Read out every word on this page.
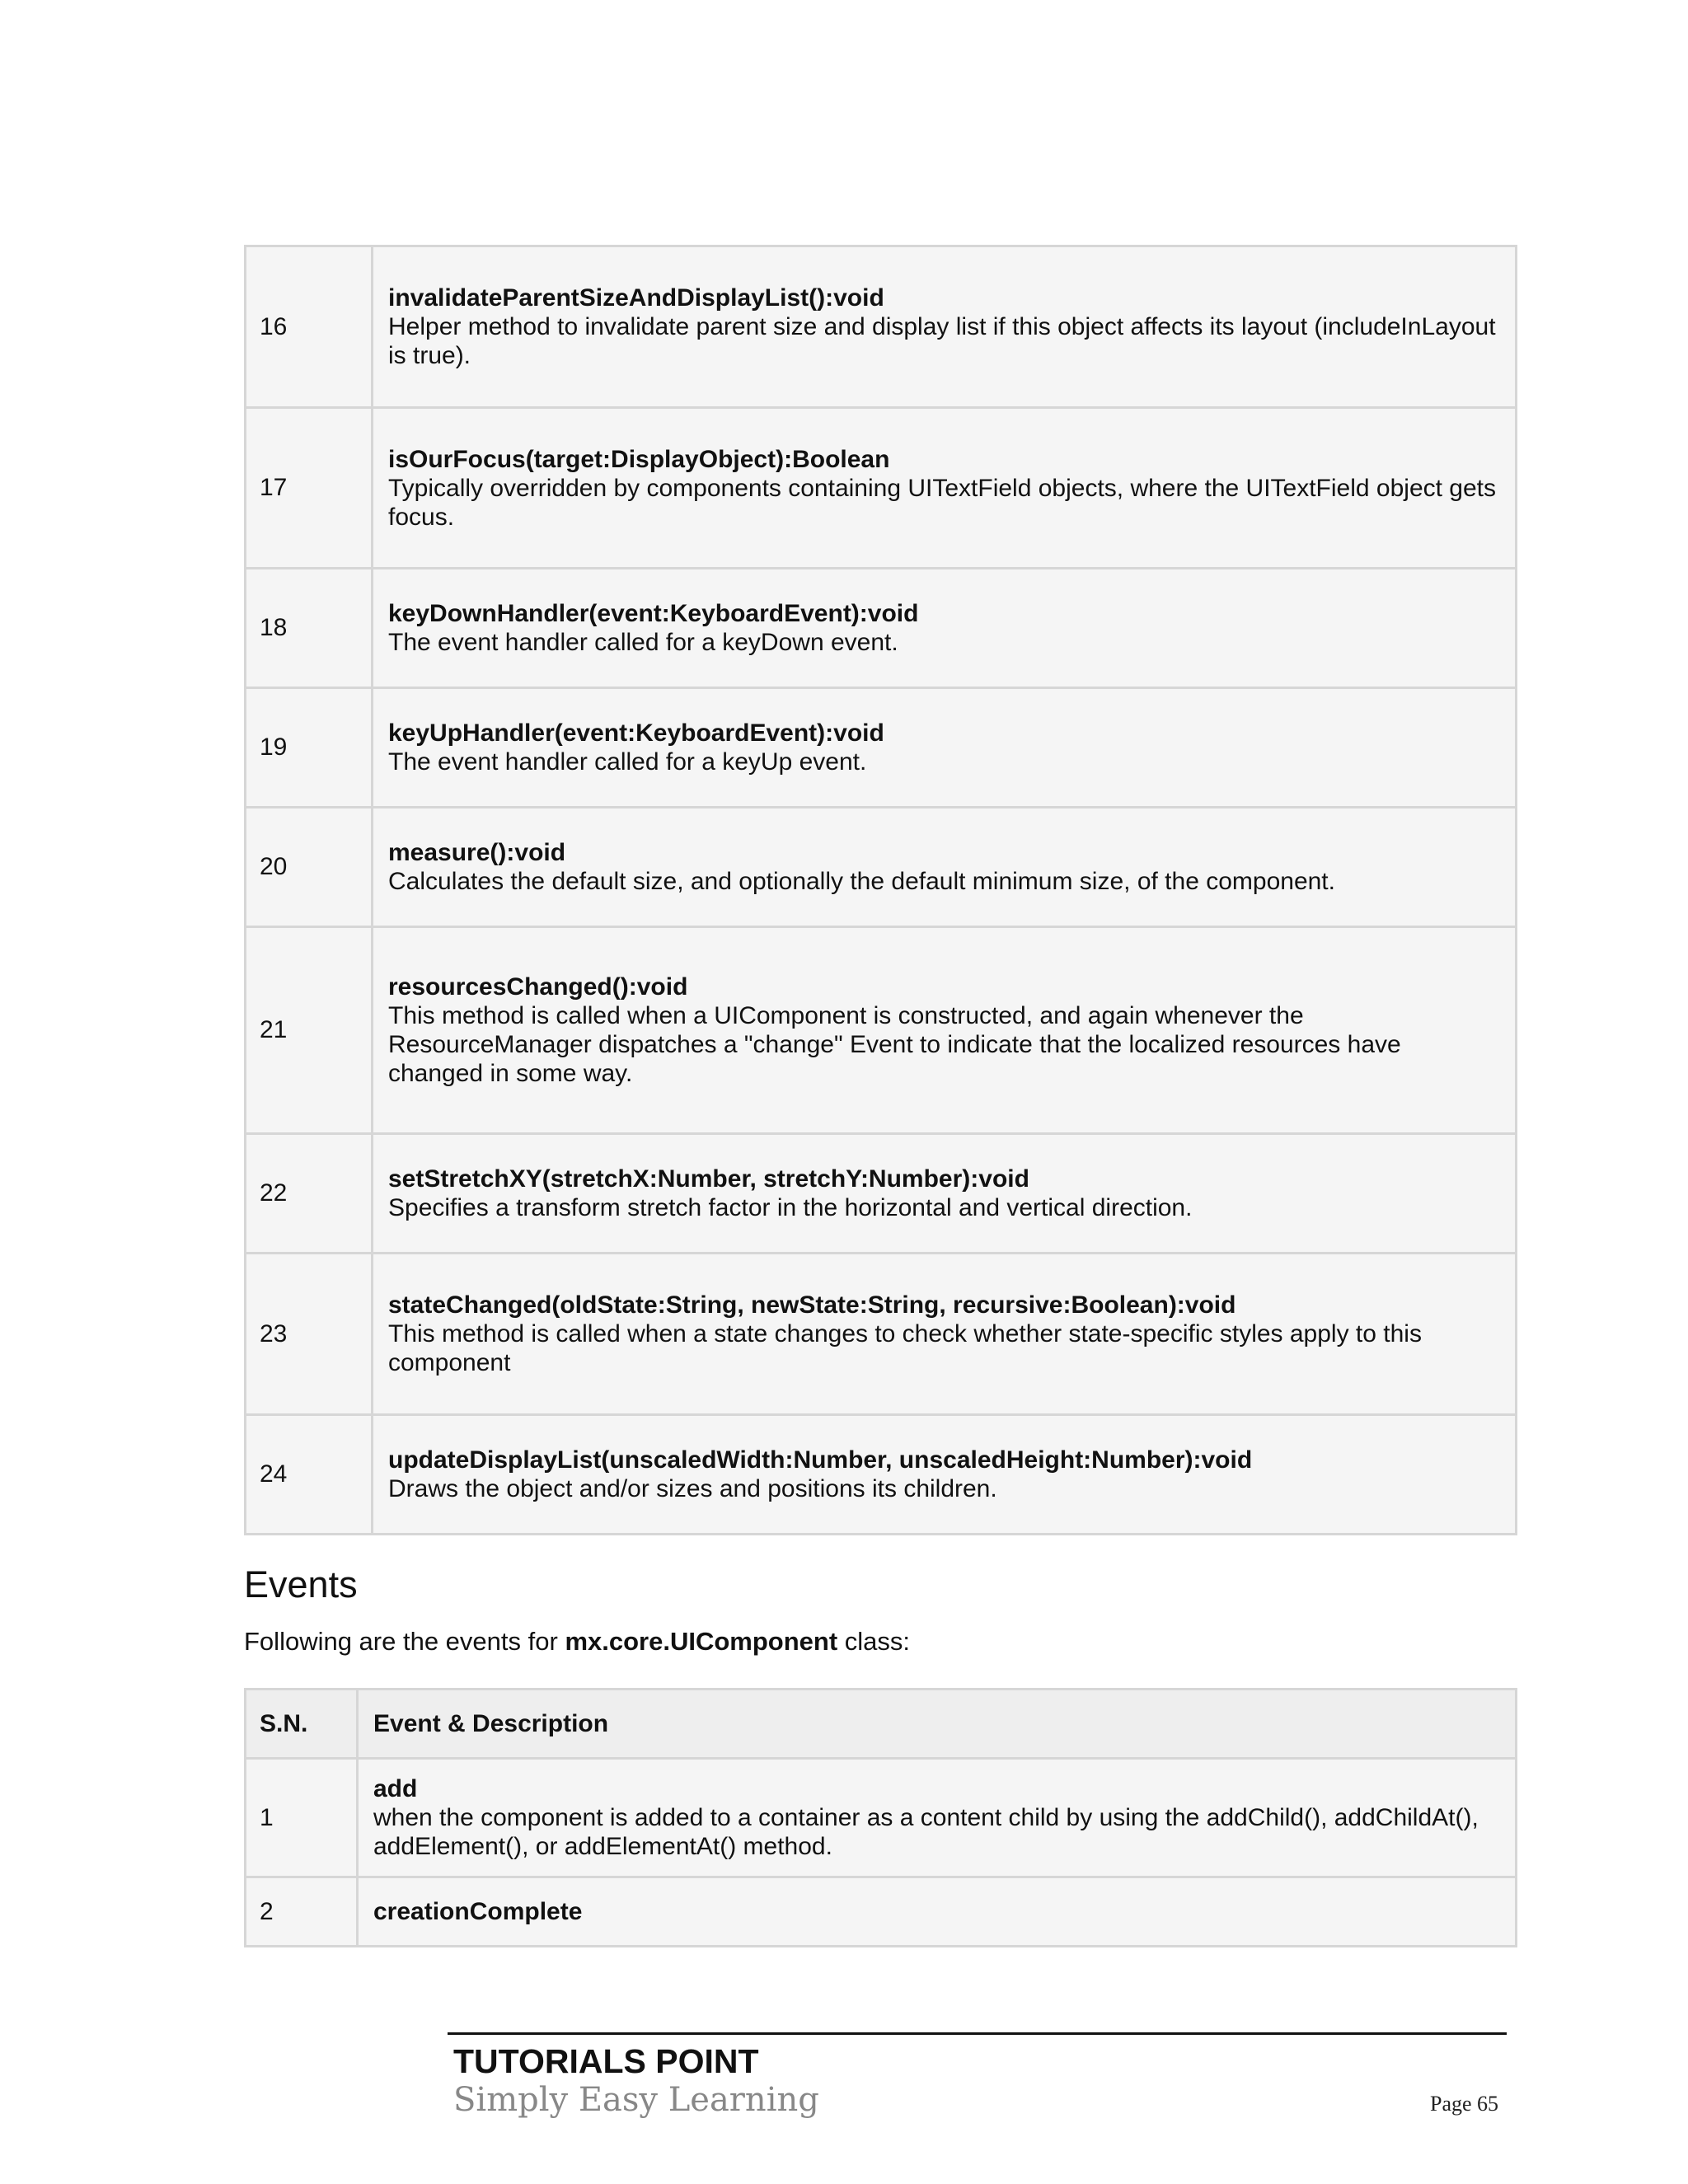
16	invalidateParentSizeAndDisplayList():void
Helper method to invalidate parent size and display list if this object affects its layout (includeInLayout is true).

17	isOurFocus(target:DisplayObject):Boolean
Typically overridden by components containing UITextField objects, where the UITextField object gets focus.

18	keyDownHandler(event:KeyboardEvent):void
The event handler called for a keyDown event.

19	keyUpHandler(event:KeyboardEvent):void
The event handler called for a keyUp event.

20	measure():void
Calculates the default size, and optionally the default minimum size, of the component.

21	resourcesChanged():void
This method is called when a UIComponent is constructed, and again whenever the ResourceManager dispatches a "change" Event to indicate that the localized resources have changed in some way.

22	setStretchXY(stretchX:Number, stretchY:Number):void
Specifies a transform stretch factor in the horizontal and vertical direction.

23	stateChanged(oldState:String, newState:String, recursive:Boolean):void
This method is called when a state changes to check whether state-specific styles apply to this component

24	updateDisplayList(unscaledWidth:Number, unscaledHeight:Number):void
Draws the object and/or sizes and positions its children.
Events

Following are the events for mx.core.UIComponent class:

S.N.	Event & Description
1	add
when the component is added to a container as a content child by using the addChild(), addChildAt(), addElement(), or addElementAt() method.

2	creationComplete
TUTORIALS POINT
Simply Easy Learning	Page 65
